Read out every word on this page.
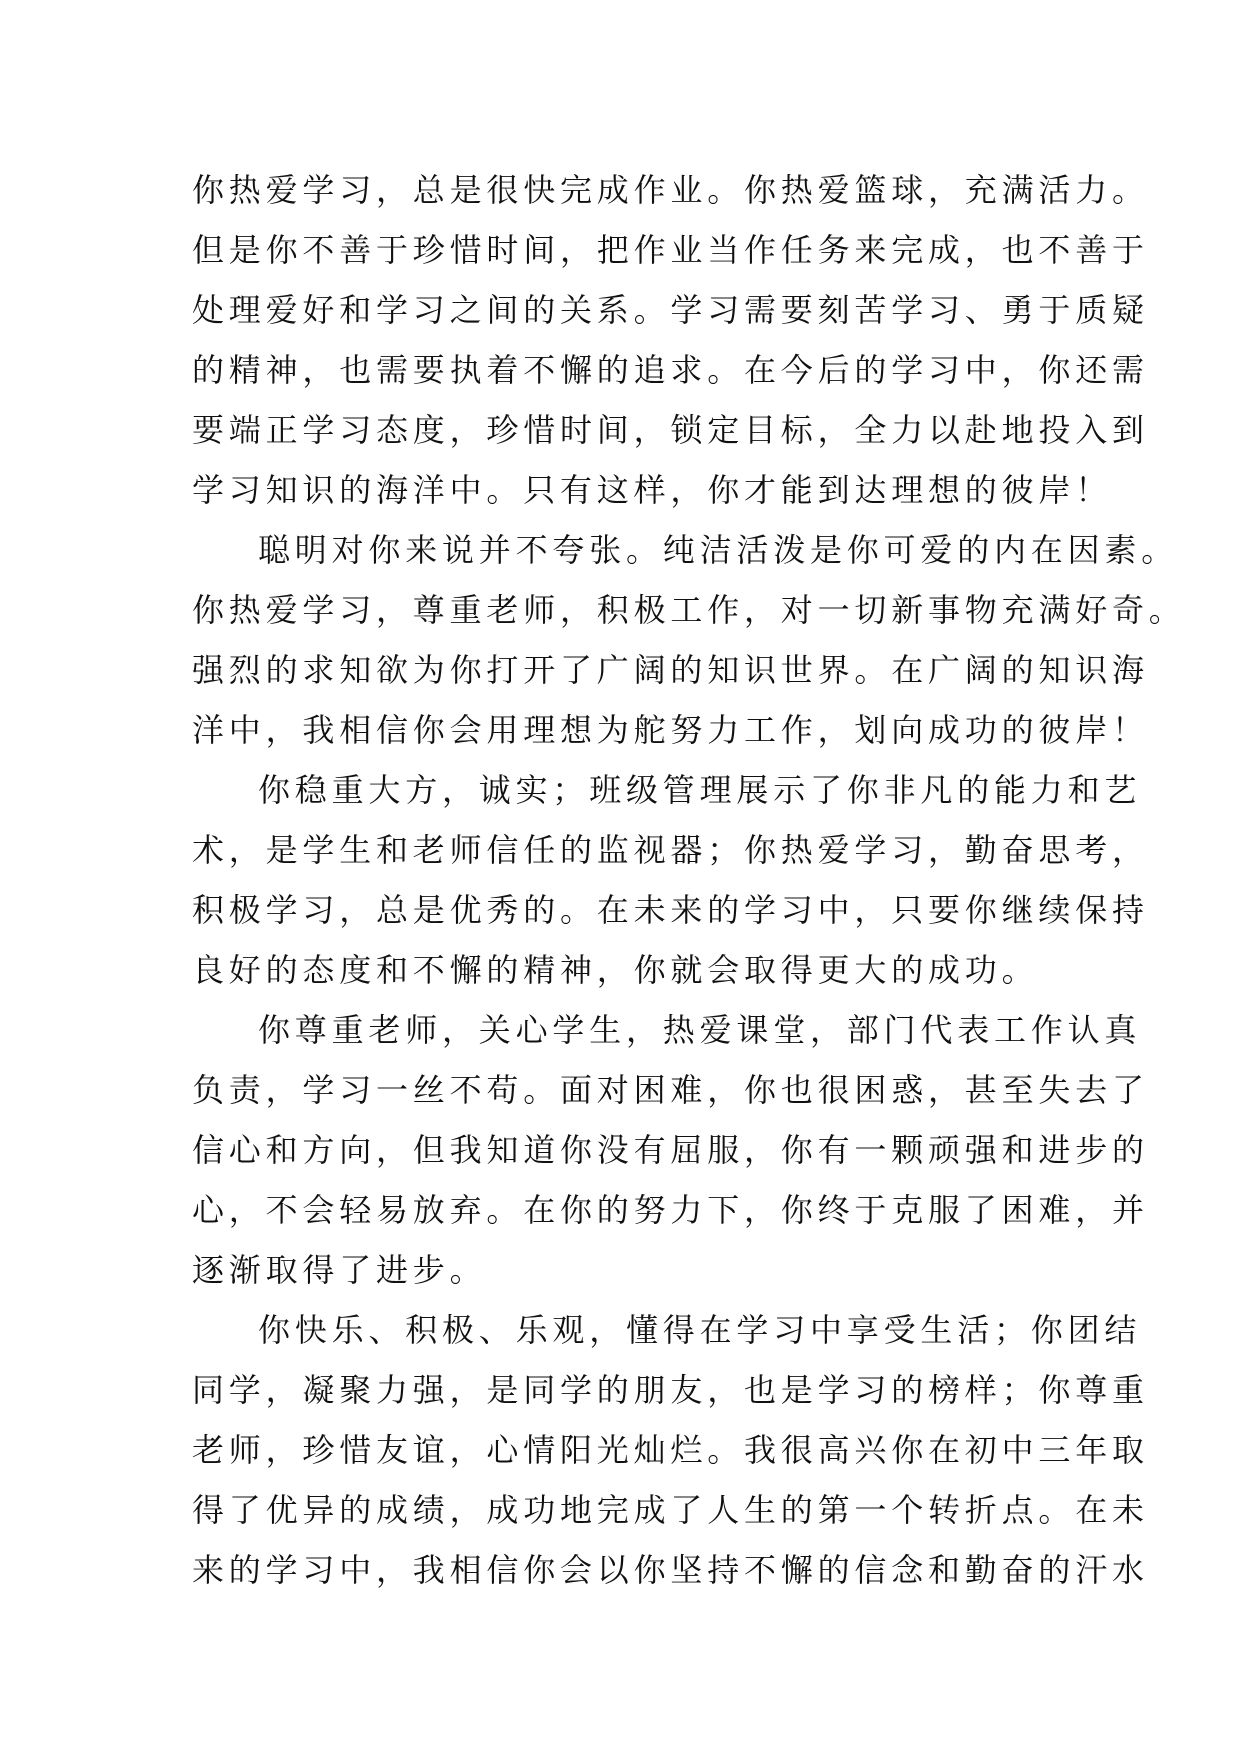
你热爱学习，总是很快完成作业。你热爱篮球，充满活力。
但是你不善于珍惜时间，把作业当作任务来完成，也不善于
处理爱好和学习之间的关系。学习需要刻苦学习、勇于质疑
的精神，也需要执着不懈的追求。在今后的学习中，你还需
要端正学习态度，珍惜时间，锁定目标，全力以赴地投入到
学习知识的海洋中。只有这样，你才能到达理想的彼岸！
聪明对你来说并不夸张。纯洁活泼是你可爱的内在因素。
你热爱学习，尊重老师，积极工作，对一切新事物充满好奇。
强烈的求知欲为你打开了广阔的知识世界。在广阔的知识海
洋中，我相信你会用理想为舵努力工作，划向成功的彼岸！
你稳重大方，诚实；班级管理展示了你非凡的能力和艺
术，是学生和老师信任的监视器；你热爱学习，勤奋思考，
积极学习，总是优秀的。在未来的学习中，只要你继续保持
良好的态度和不懈的精神，你就会取得更大的成功。
你尊重老师，关心学生，热爱课堂，部门代表工作认真
负责，学习一丝不苟。面对困难，你也很困惑，甚至失去了
信心和方向，但我知道你没有屈服，你有一颗顽强和进步的
心，不会轻易放弃。在你的努力下，你终于克服了困难，并
逐渐取得了进步。
你快乐、积极、乐观，懂得在学习中享受生活；你团结
同学，凝聚力强，是同学的朋友，也是学习的榜样；你尊重
老师，珍惜友谊，心情阳光灿烂。我很高兴你在初中三年取
得了优异的成绩，成功地完成了人生的第一个转折点。在未
来的学习中，我相信你会以你坚持不懈的信念和勤奋的汗水
